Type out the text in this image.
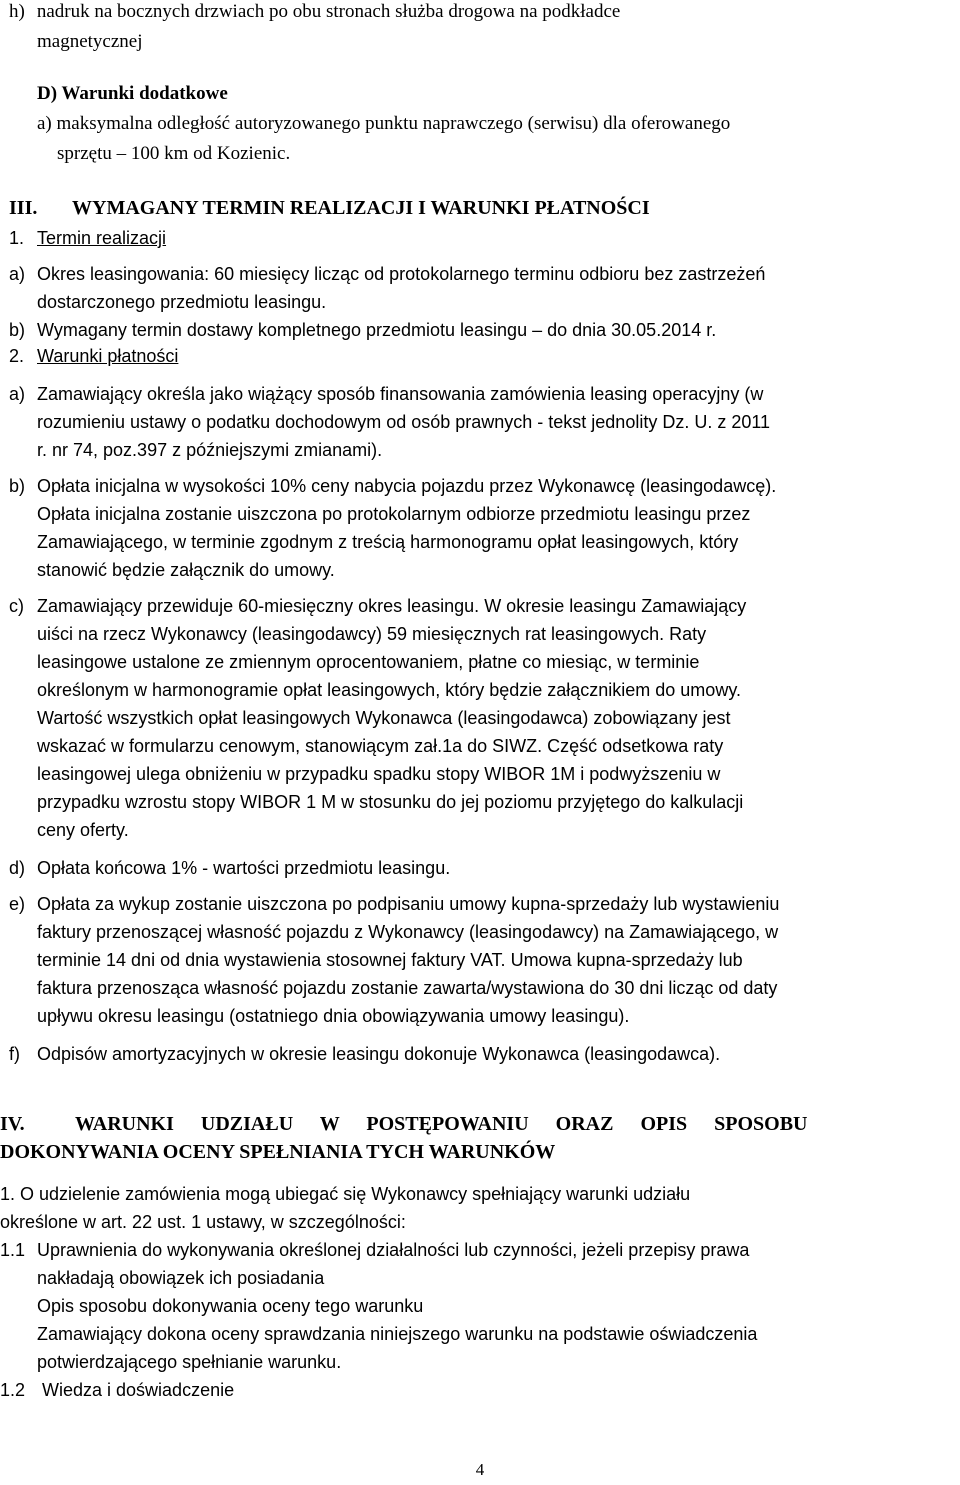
h) nadruk na bocznych drzwiach po obu stronach służba drogowa na podkładce
magnetycznej
D) Warunki dodatkowe
a) maksymalna odległość autoryzowanego punktu naprawczego (serwisu) dla oferowanego
sprzętu – 100 km od Kozienic.
III. WYMAGANY TERMIN REALIZACJI I WARUNKI PŁATNOŚCI
1. Termin realizacji
a) Okres leasingowania: 60 miesięcy licząc od protokolarnego terminu odbioru bez zastrzeżeń
dostarczonego przedmiotu leasingu.
b) Wymagany termin dostawy kompletnego przedmiotu leasingu – do dnia 30.05.2014 r.
2. Warunki płatności
a) Zamawiający określa jako wiążący sposób finansowania zamówienia leasing operacyjny (w
rozumieniu ustawy o podatku dochodowym od osób prawnych - tekst jednolity Dz. U. z 2011
r. nr 74, poz.397 z późniejszymi zmianami).
b) Opłata inicjalna w wysokości 10% ceny nabycia pojazdu przez Wykonawcę (leasingodawcę).
Opłata inicjalna zostanie uiszczona po protokolarnym odbiorze przedmiotu leasingu przez
Zamawiającego, w terminie zgodnym z treścią harmonogramu opłat leasingowych, który
stanowić będzie załącznik do umowy.
c) Zamawiający przewiduje 60-miesięczny okres leasingu. W okresie leasingu Zamawiający
uiści na rzecz Wykonawcy (leasingodawcy) 59 miesięcznych rat leasingowych. Raty
leasingowe ustalone ze zmiennym oprocentowaniem, płatne co miesiąc, w terminie
określonym w harmonogramie opłat leasingowych, który będzie załącznikiem do umowy.
Wartość wszystkich opłat leasingowych Wykonawca (leasingodawca) zobowiązany jest
wskazać w formularzu cenowym, stanowiącym zał.1a do SIWZ. Część odsetkowa raty
leasingowej ulega obniżeniu w przypadku spadku stopy WIBOR 1M i podwyższeniu w
przypadku wzrostu stopy WIBOR 1 M w stosunku do jej poziomu przyjętego do kalkulacji
ceny oferty.
d) Opłata końcowa 1% - wartości przedmiotu leasingu.
e) Opłata za wykup zostanie uiszczona po podpisaniu umowy kupna-sprzedaży lub wystawieniu
faktury przenoszącej własność pojazdu z Wykonawcy (leasingodawcy) na Zamawiającego, w
terminie 14 dni od dnia wystawienia stosownej faktury VAT. Umowa kupna-sprzedaży lub
faktura przenosząca własność pojazdu zostanie zawarta/wystawiona do 30 dni licząc od daty
upływu okresu leasingu (ostatniego dnia obowiązywania umowy leasingu).
f) Odpisów amortyzacyjnych w okresie leasingu dokonuje Wykonawca (leasingodawca).
IV.	WARUNKI UDZIAŁU W POSTĘPOWANIU ORAZ OPIS SPOSOBU
DOKONYWANIA OCENY SPEŁNIANIA TYCH WARUNKÓW
1. O udzielenie zamówienia mogą ubiegać się Wykonawcy spełniający warunki udziału
określone w art. 22 ust. 1 ustawy, w szczególności:
1.1 Uprawnienia do wykonywania określonej działalności lub czynności, jeżeli przepisy prawa
nakładają obowiązek ich posiadania
Opis sposobu dokonywania oceny tego warunku
Zamawiający dokona oceny sprawdzania niniejszego warunku na podstawie oświadczenia
potwierdzającego spełnianie warunku.
1.2 Wiedza i doświadczenie
4
